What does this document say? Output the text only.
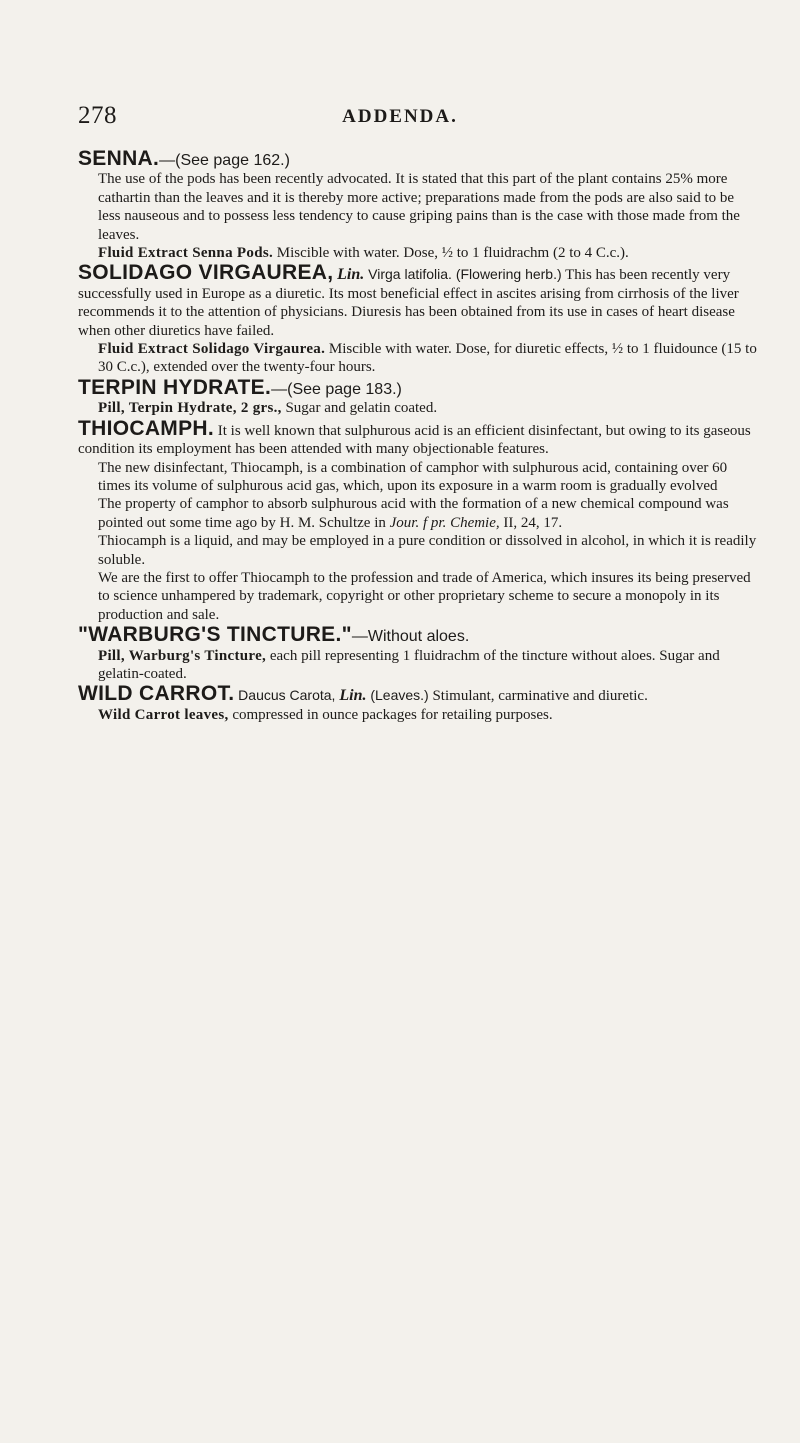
278	ADDENDA.
SENNA.—(See page 162.)
The use of the pods has been recently advocated. It is stated that this part of the plant contains 25% more cathartin than the leaves and it is thereby more active; preparations made from the pods are also said to be less nauseous and to possess less tendency to cause griping pains than is the case with those made from the leaves.
Fluid Extract Senna Pods. Miscible with water. Dose, ½ to 1 fluidrachm (2 to 4 C.c.).
SOLIDAGO VIRGAUREA, Lin. Virga latifolia. (Flowering herb.) This has been recently very successfully used in Europe as a diuretic. Its most beneficial effect in ascites arising from cirrhosis of the liver recommends it to the attention of physicians. Diuresis has been obtained from its use in cases of heart disease when other diuretics have failed.
Fluid Extract Solidago Virgaurea. Miscible with water. Dose, for diuretic effects, ½ to 1 fluidounce (15 to 30 C.c.), extended over the twenty-four hours.
TERPIN HYDRATE.—(See page 183.)
Pill, Terpin Hydrate, 2 grs., Sugar and gelatin coated.
THIOCAMPH. It is well known that sulphurous acid is an efficient disinfectant, but owing to its gaseous condition its employment has been attended with many objectionable features.
The new disinfectant, Thiocamph, is a combination of camphor with sulphurous acid, containing over 60 times its volume of sulphurous acid gas, which, upon its exposure in a warm room is gradually evolved
The property of camphor to absorb sulphurous acid with the formation of a new chemical compound was pointed out some time ago by H. M. Schultze in Jour. f pr. Chemie, II, 24, 17.
Thiocamph is a liquid, and may be employed in a pure condition or dissolved in alcohol, in which it is readily soluble.
We are the first to offer Thiocamph to the profession and trade of America, which insures its being preserved to science unhampered by trademark, copyright or other proprietary scheme to secure a monopoly in its production and sale.
"WARBURG'S TINCTURE."—Without aloes.
Pill, Warburg's Tincture, each pill representing 1 fluidrachm of the tincture without aloes. Sugar and gelatin-coated.
WILD CARROT. Daucus Carota, Lin. (Leaves.) Stimulant, carminative and diuretic.
Wild Carrot leaves, compressed in ounce packages for retailing purposes.
